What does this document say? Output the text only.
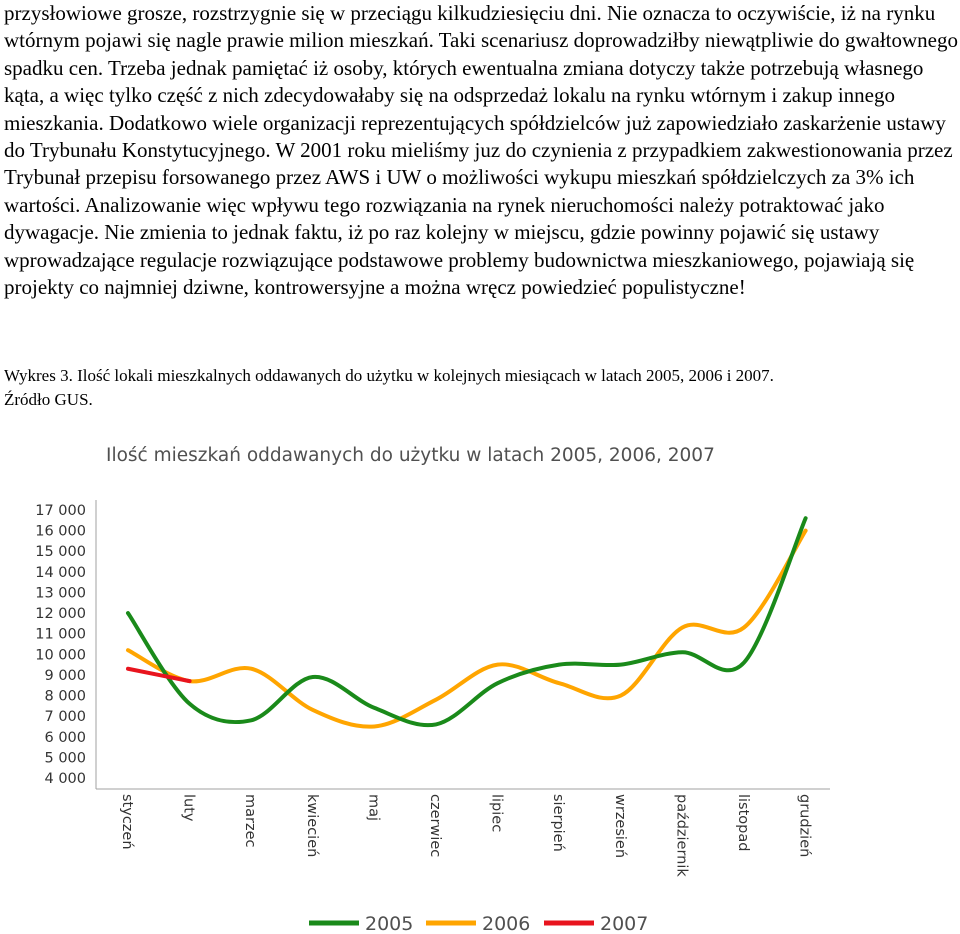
przysłowiowe grosze, rozstrzygnie się w przeciągu kilkudziesięciu dni. Nie oznacza to oczywiście, iż na rynku wtórnym pojawi się nagle prawie milion mieszkań. Taki scenariusz doprowadziłby niewątpliwie do gwałtownego spadku cen. Trzeba jednak pamiętać iż osoby, których ewentualna zmiana dotyczy także potrzebują własnego kąta, a więc tylko część z nich zdecydowałaby się na odsprzedaż lokalu na rynku wtórnym i zakup innego mieszkania. Dodatkowo wiele organizacji reprezentujących spółdzielców już zapowiedziało zaskarżenie ustawy do Trybunału Konstytucyjnego. W 2001 roku mieliśmy juz do czynienia z przypadkiem zakwestionowania przez Trybunał przepisu forsowanego przez AWS i UW o możliwości wykupu mieszkań spółdzielczych za 3% ich wartości. Analizowanie więc wpływu tego rozwiązania na rynek nieruchomości należy potraktować jako dywagacje. Nie zmienia to jednak faktu, iż po raz kolejny w miejscu, gdzie powinny pojawić się ustawy wprowadzające regulacje rozwiązujące podstawowe problemy budownictwa mieszkaniowego, pojawiają się projekty co najmniej dziwne, kontrowersyjne a można wręcz powiedzieć populistyczne!

Wykres 3. Ilość lokali mieszkalnych oddawanych do użytku w kolejnych miesiącach w latach 2005, 2006 i 2007.

Źródło GUS.

Ilość mieszkań oddawanych do użytku w latach 2005, 2006, 2007
4 000
5 000
6 000
7 000
8 000
9 000
10 000
11 000
12 000
13 000
14 000
15 000
16 000
17 000
styczeń	luty	marzec	kwiecień	maj	czerwiec	lipiec	sierpień	wrzesień	październik	listopad	grudzień
2005	2006	2007
